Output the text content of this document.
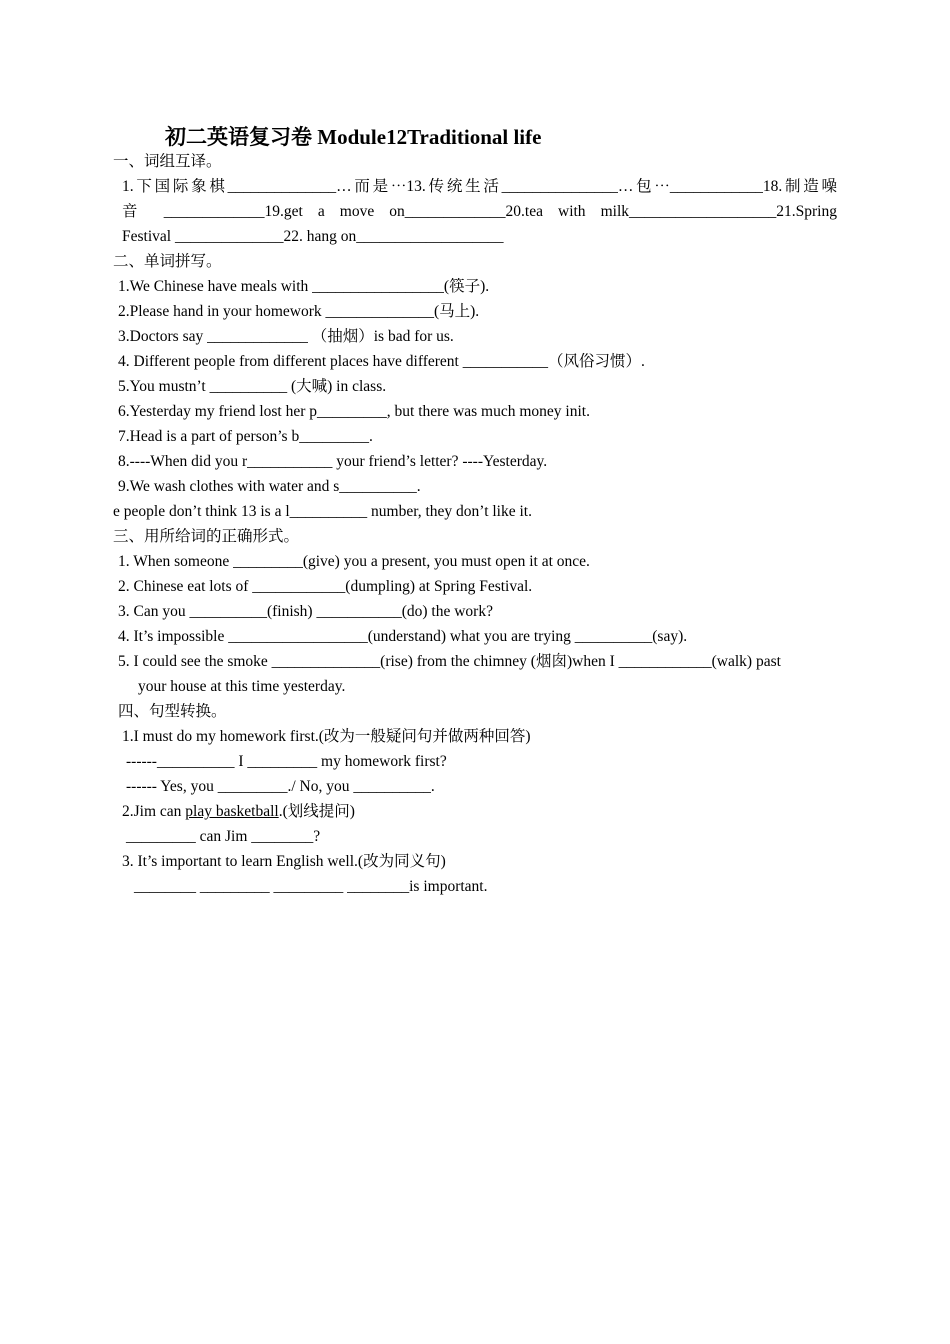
初二英语复习卷 Module12Traditional life
一、词组互译。
1.下国际象棋______________…而是⋯13.传统生活_______________…包⋯____________18.制造噪
音 _____________19.get a move on_____________20.tea with milk___________________21.Spring
Festival ______________22. hang on___________________
二、单词拼写。
1.We Chinese have meals with _________________(筷子).
2.Please hand in your homework ______________(马上).
3.Doctors say _____________ （抽烟）is bad for us.
4. Different people from different places have different ___________（风俗习惯）.
5.You mustn’t __________ (大喊) in class.
6.Yesterday my friend lost her p_________, but there was much money init.
7.Head is a part of person’s b_________.
8.----When did you r___________ your friend’s letter? ----Yesterday.
9.We wash clothes with water and s__________.
e people don’t think 13 is a l__________ number, they don’t like it.
三、用所给词的正确形式。
1. When someone _________(give) you a present, you must open it at once.
2. Chinese eat lots of ____________(dumpling) at Spring Festival.
3. Can you __________(finish) ___________(do) the work?
4. It’s impossible __________________(understand) what you are trying __________(say).
5. I could see the smoke ______________(rise) from the chimney (烟囱)when I ____________(walk) past
your house at this time yesterday.
四、句型转换。
1.I must do my homework first.(改为一般疑问句并做两种回答)
------__________ I _________ my homework first?
------ Yes, you _________./ No, you __________.
2.Jim can play basketball.(划线提问)
_________ can Jim ________?
3. It’s important to learn English well.(改为同义句)
________ _________ _________ ________is important.
